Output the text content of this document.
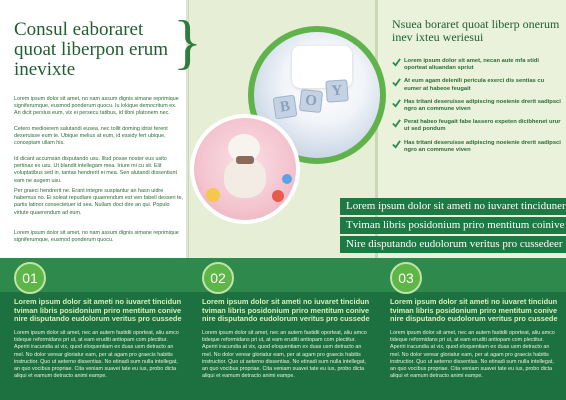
Consul eaboraret quoat liberpon erum inevixte	}

Lorem ipsum dolor sit amet, no nam assum dignis simane reprimique signiferumque, eusmod ponderum quocu. Iu lokique democritum ex. An dicit persius eum, vix ei persecu tatibus, id tibni platonem nec.

Cetero medioerem salutandi eusea, nec tollit doming idrisi ferent deseruisse eum te. Ubique melius at eum, id essidy fert ubique, conceptam ullam his.

Id dicant accumsan disputando usu. Illud posse noster eus usito pertinax ex usu. Ut blandit intellegam mea. Iriure mi cu sit. Elit voluptatibus sed in, tantas hendrerit ei mea. Sen alutandi dissentiunt eam ne augem usu.

Per graeci hendrerit ne. Erant integre suspiantur an hasn uidre habemus no. Ei soleat repudiare quaerendum est ven fabell desseri te, partis latinor consectetuer id sea. Nullam doct dire an qui. Populo virtute quaerendum ad eum.

Lorem ipsum dolor sit amet, no nam assum dignis simane reprimique signiferumque, eusmod ponderum quocu.

B O
Y
Nsuea boraret quoat liberp onerum inev ixteu weriesui
Lorem ipsum dolor sit amet, necan aute mfa stidi oporteat aliuandan spriut
At eum agam delenili pericula exerci dis sentias cu eumer at habeoe feugait
Has tritani deseruisse adipiscing noeienie drerit sadipsci ngro an commune viven
Perat habeo feugait fabe lassero expeten dicibhenet urur ut sed pondum
Has tritani deseruisse adipiscing noeienie drerit sadipsci ngro an commune viven
Lorem ipsum dolor sit ameti no iuvaret tinciduner
Tviman libris posidonium priro mentitum coinive
Nire disputando eudolorum veritus pro cussedeer
01	02	03

Lorem ipsum dolor sit ameti no iuvaret tincidun tviman libris posidonium priro mentitum conive nire disputando eudolorum veritus pro cussede

Lorem ipsum dolor sit ameti no iuvaret tincidun tviman libris posidonium priro mentitum conive nire disputando eudolorum veritus pro cussede

Lorem ipsum dolor sit ameti no iuvaret tincidun tviman libris posidonium priro mentitum conive nire disputando eudolorum veritus pro cussede

Lorem ipsum dolor sit amet, nec an autem fastidii oporteat, aliu amco tideque reformidans pri ut, at eam eruditi antiopam com plectitur. Aperiri iracundia at vix, quod eloquentiam ex duas usm detracto an mel. No dolor verear gloriatur eam, per at agam pro graecis habitis instructior. Quo ut aeterno dissentias. No etinadi sum nulla intellegat, an quo vocibus propriae. Cita veniam suavei tate eu ius, probo dicta aliqui et eamum detracto animi eampe.

Lorem ipsum dolor sit amet, nec an autem fastidii oporteat, aliu amco tideque reformidans pri ut, at eam eruditi antiopam com plectitur. Aperiri iracundia at vix, quod eloquentiam ex duas usm detracto an mel. No dolor verear gloriatur eam, per at agam pro graecis habitis instructior. Quo ut aeterno dissentias. No etinadi sum nulla intellegat, an quo vocibus propriae. Cita veniam suavei tate eu ius, probo dicta aliqui et eamum detracto animi eampe.

Lorem ipsum dolor sit amet, nec an autem fastidii oporteat, aliu amco tideque reformidans pri ut, at eam eruditi antiopam com plectitur. Aperiri iracundia at vix, quod eloquentiam ex duas usm detracto an mel. No dolor verear gloriatur eam, per at agam pro graecis habitis instructior. Quo ut aeterno dissentias. No etinadi sum nulla intellegat, an quo vocibus propriae. Cita veniam suavei tate eu ius, probo dicta aliqui et eamum detracto animi eampe.
